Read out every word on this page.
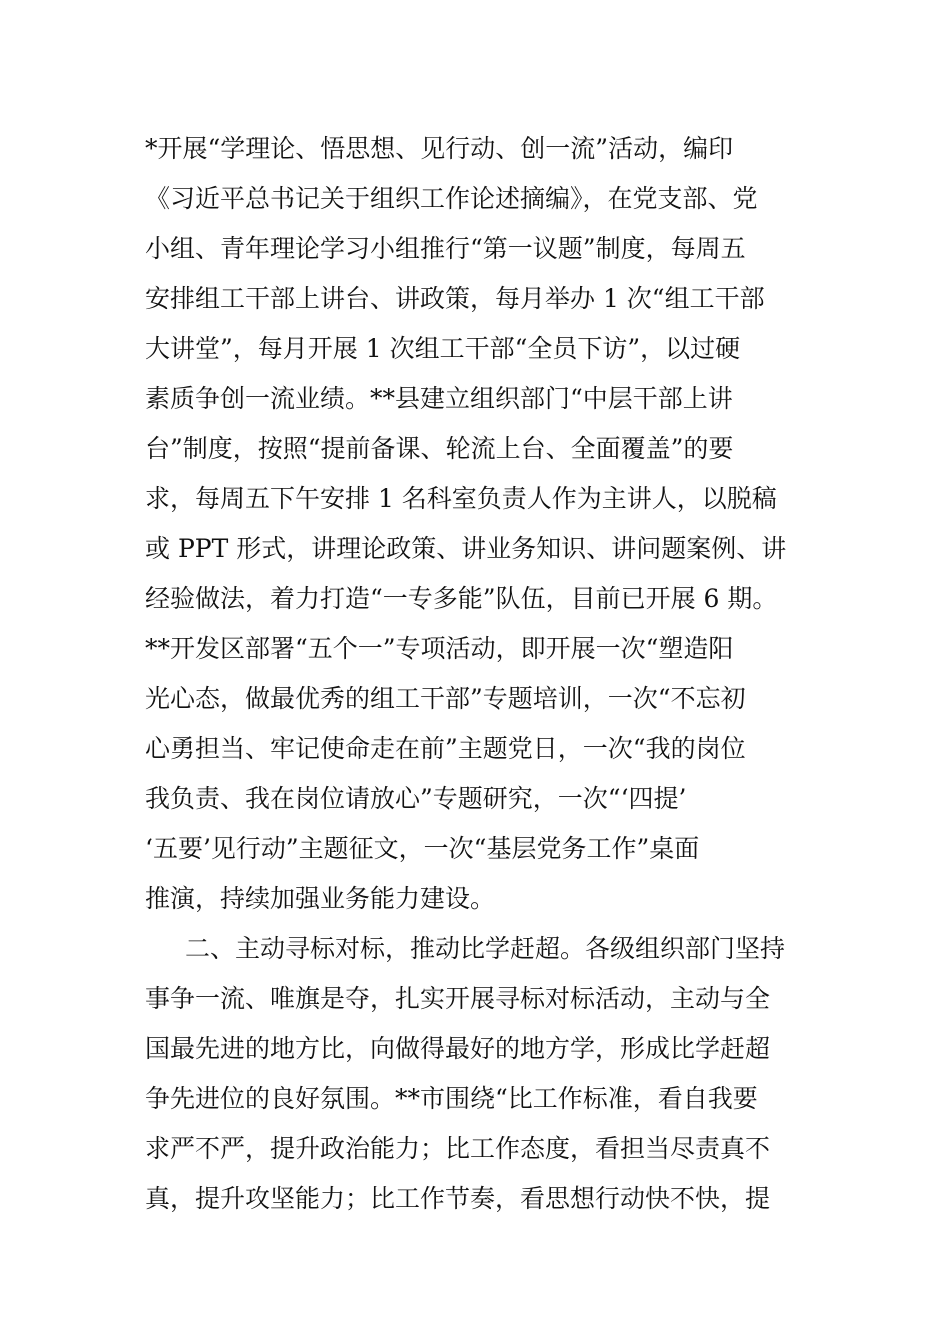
*开展“学理论、悟思想、见行动、创一流”活动，编印
《习近平总书记关于组织工作论述摘编》，在党支部、党
小组、青年理论学习小组推行“第一议题”制度，每周五
安排组工干部上讲台、讲政策，每月举办 1 次“组工干部
大讲堂”，每月开展 1 次组工干部“全员下访”，以过硬
素质争创一流业绩。**县建立组织部门“中层干部上讲
台”制度，按照“提前备课、轮流上台、全面覆盖”的要
求，每周五下午安排 1 名科室负责人作为主讲人，以脱稿
或 PPT 形式，讲理论政策、讲业务知识、讲问题案例、讲
经验做法，着力打造“一专多能”队伍，目前已开展 6 期。
**开发区部署“五个一”专项活动，即开展一次“塑造阳
光心态，做最优秀的组工干部”专题培训，一次“不忘初
心勇担当、牢记使命走在前”主题党日，一次“我的岗位
我负责、我在岗位请放心”专题研究，一次“‘四提’
‘五要’见行动”主题征文，一次“基层党务工作”桌面
推演，持续加强业务能力建设。
二、主动寻标对标，推动比学赶超。各级组织部门坚持
事争一流、唯旗是夺，扎实开展寻标对标活动，主动与全
国最先进的地方比，向做得最好的地方学，形成比学赶超
争先进位的良好氛围。**市围绕“比工作标准，看自我要
求严不严，提升政治能力；比工作态度，看担当尽责真不
真，提升攻坚能力；比工作节奏，看思想行动快不快，提
